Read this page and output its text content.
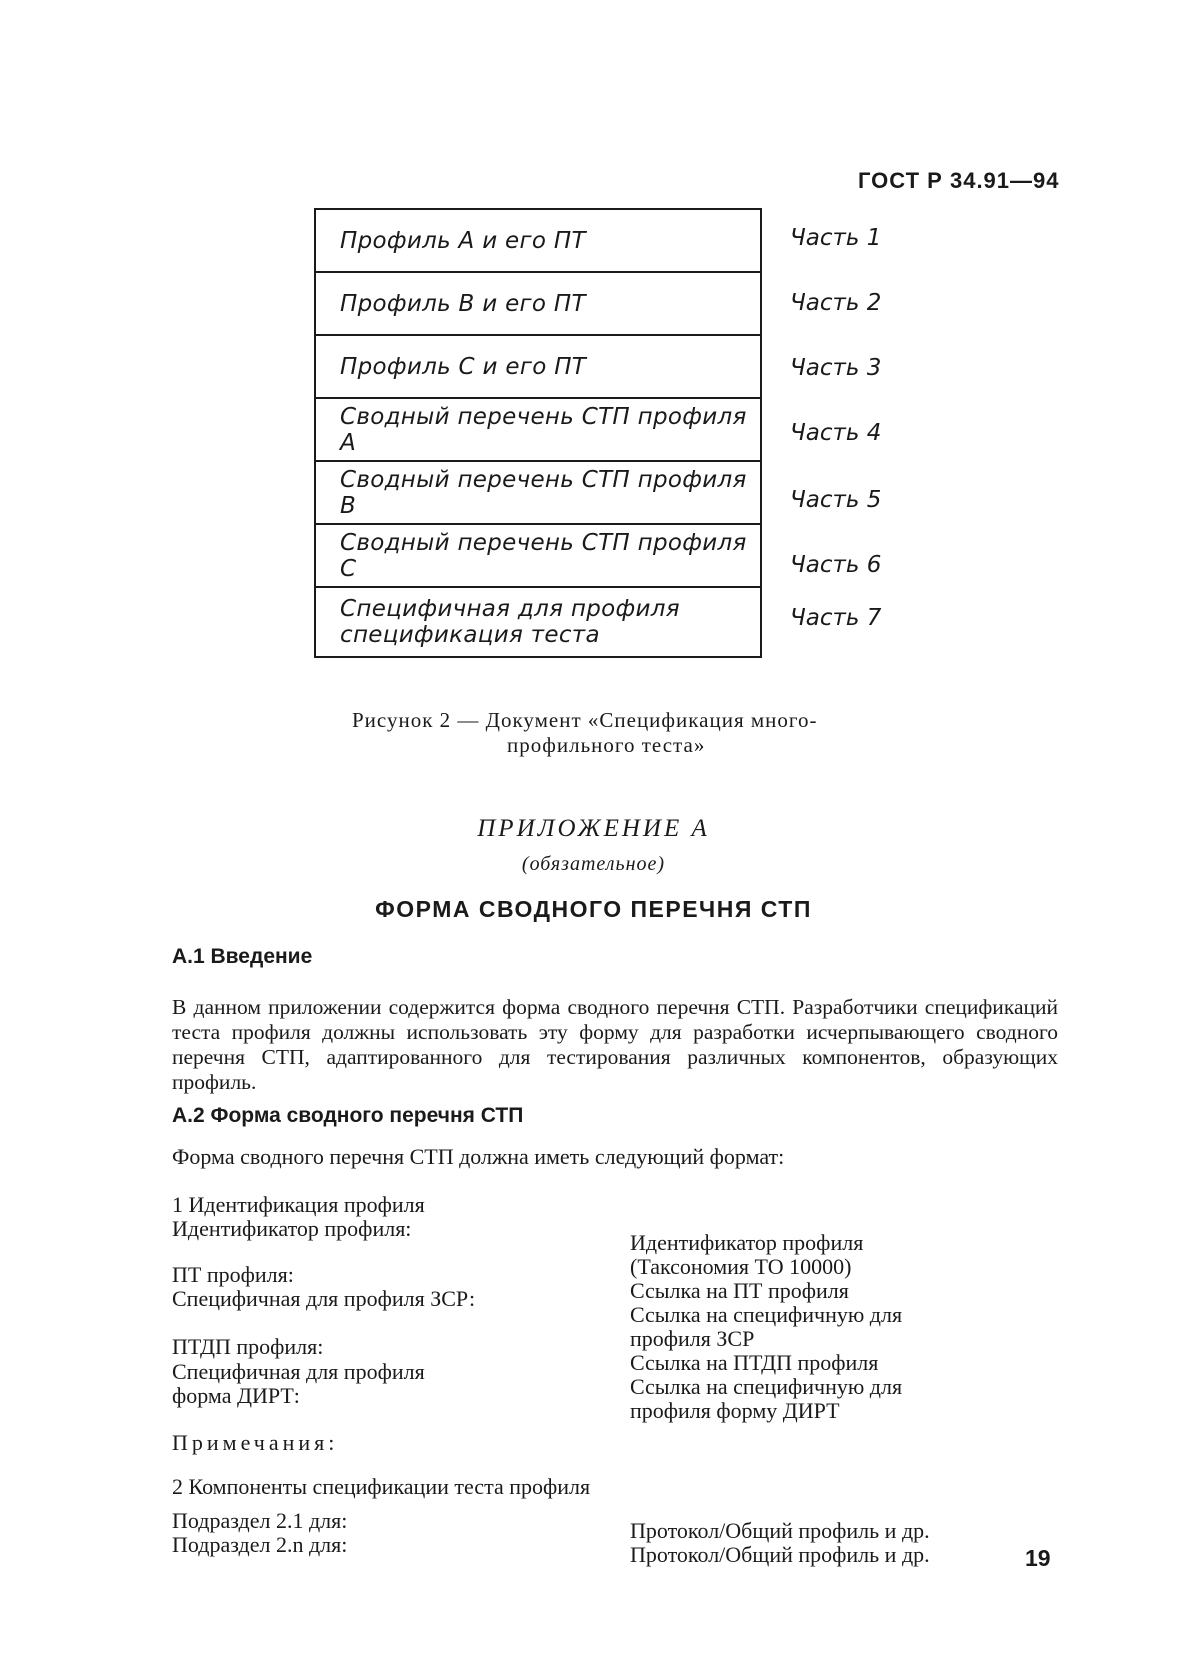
ГОСТ Р 34.91—94
Профиль А и его ПТ
Профиль В и его ПТ
Профиль С и его ПТ
Сводный перечень СТП профиля А
Сводный перечень СТП профиля В
Сводный перечень СТП профиля С
Специфичная для профиля
спецификация теста
Часть 1
Часть 2
Часть 3
Часть 4
Часть 5
Часть 6
Часть 7
Рисунок 2 — Документ «Спецификация много-
профильного теста»
ПРИЛОЖЕНИЕ А
(обязательное)
ФОРМА СВОДНОГО ПЕРЕЧНЯ СТП
А.1 Введение
В данном приложении содержится форма сводного перечня СТП. Разработчики спецификаций теста профиля должны использовать эту форму для разработки исчерпывающего сводного перечня СТП, адаптированного для тестирования различных компонентов, образующих профиль.
А.2 Форма сводного перечня СТП
Форма сводного перечня СТП должна иметь следующий формат:
1 Идентификация профиля
Идентификатор профиля:
ПТ профиля:
Специфичная для профиля ЗСР:
ПТДП профиля:
Специфичная для профиля
форма ДИРТ:
Идентификатор профиля
(Таксономия ТО 10000)
Ссылка на ПТ профиля
Ссылка на специфичную для
профиля ЗСР
Ссылка на ПТДП профиля
Ссылка на специфичную для
профиля форму ДИРТ
Примечания:
2 Компоненты спецификации теста профиля
Подраздел 2.1 для:
Подраздел 2.n для:
Протокол/Общий профиль и др.
Протокол/Общий профиль и др.	19
